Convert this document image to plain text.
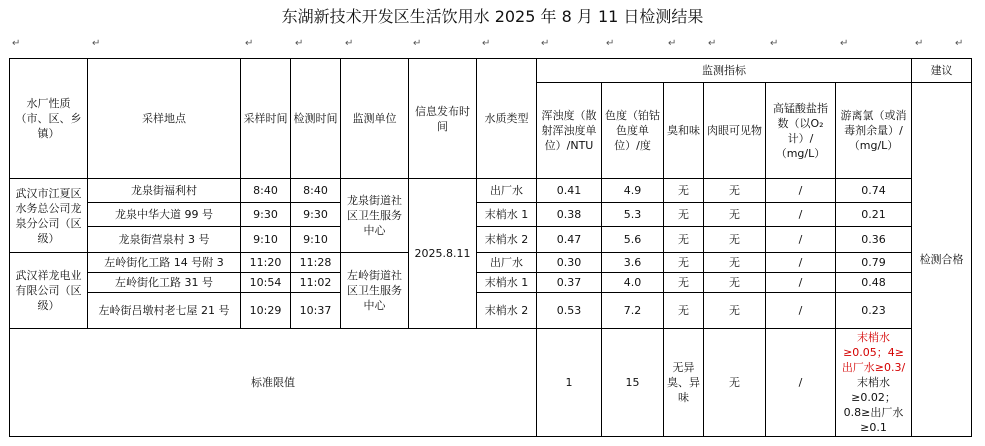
东湖新技术开发区生活饮用水 2025 年 8 月 11 日检测结果
↵	↵	↵	↵	↵	↵	↵	↵	↵	↵	↵	↵	↵	↵	↵
水厂性质（市、区、乡镇）	采样地点	采样时间	检测时间	监测单位	信息发布时间	水质类型	监测指标						建议
							浑浊度（散射浑浊度单位）/NTU	色度（铂钴色度单位）/度	臭和味	肉眼可见物	高锰酸盐指数（以O₂计）/（mg/L）	游离氯（或消毒剂余量）/（mg/L）	检测合格
武汉市江夏区水务总公司龙泉分公司（区级）	龙泉街福利村	8:40	8:40	龙泉街道社区卫生服务中心	2025.8.11	出厂水	0.41	4.9	无	无	/	0.74	
	龙泉中华大道 99 号	9:30	9:30			末梢水 1	0.38	5.3	无	无	/	0.21	
	龙泉街营泉村 3 号	9:10	9:10			末梢水 2	0.47	5.6	无	无	/	0.36	
武汉祥龙电业有限公司（区级）	左岭街化工路 14 号附 3	11:20	11:28	左岭街道社区卫生服务中心		出厂水	0.30	3.6	无	无	/	0.79	
	左岭街化工路 31 号	10:54	11:02			末梢水 1	0.37	4.0	无	无	/	0.48	
	左岭街吕墩村老七屋 21 号	10:29	10:37			末梢水 2	0.53	7.2	无	无	/	0.23	
标准限值							1	15	无异臭、异味	无	/	末梢水≥0.05；4≥出厂水≥0.3/
末梢水≥0.02；0.8≥出厂水≥0.1	
